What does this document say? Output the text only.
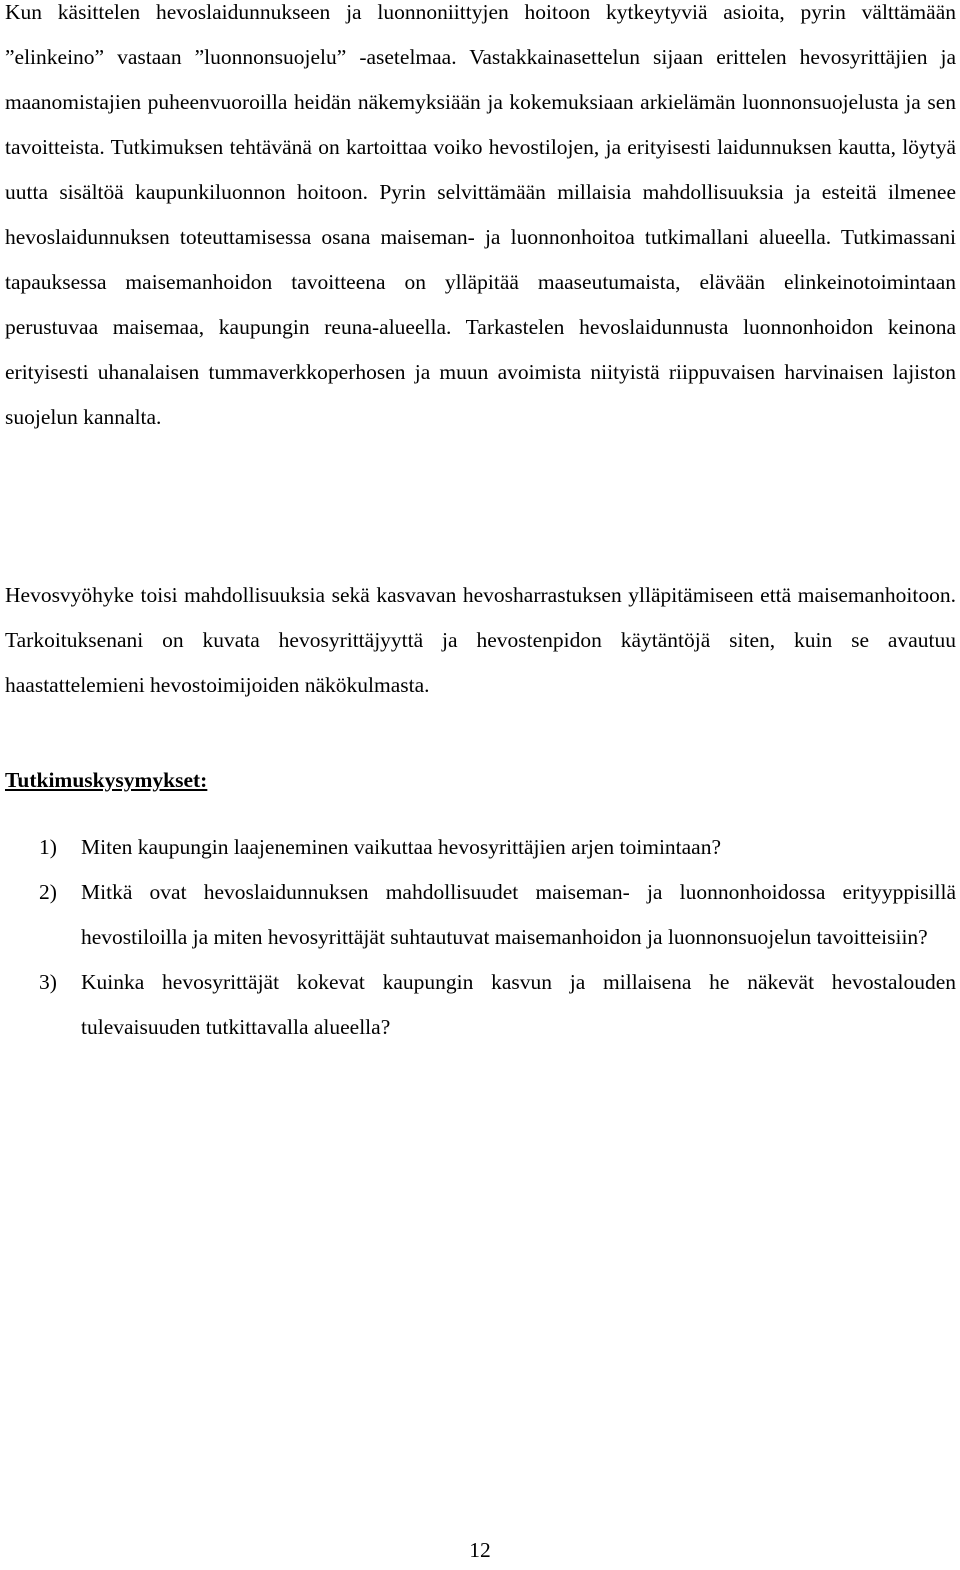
Kun käsittelen hevoslaidunnukseen ja luonnoniittyjen hoitoon kytkeytyviä asioita, pyrin välttämään ”elinkeino” vastaan ”luonnonsuojelu” -asetelmaa. Vastakkainasettelun sijaan erittelen hevosyrittäjien ja maanomistajien puheenvuoroilla heidän näkemyksiään ja kokemuksiaan arkielämän luonnonsuojelusta ja sen tavoitteista. Tutkimuksen tehtävänä on kartoittaa voiko hevostilojen, ja erityisesti laidunnuksen kautta, löytyä uutta sisältöä kaupunkiluonnon hoitoon. Pyrin selvittämään millaisia mahdollisuuksia ja esteitä ilmenee hevoslaidunnuksen toteuttamisessa osana maiseman- ja luonnonhoitoa tutkimallani alueella. Tutkimassani tapauksessa maisemanhoidon tavoitteena on ylläpitää maaseutumaista, elävään elinkeinotoimintaan perustuvaa maisemaa, kaupungin reuna-alueella. Tarkastelen hevoslaidunnusta luonnonhoidon keinona erityisesti uhanalaisen tummaverkkoperhosen ja muun avoimista niityistä riippuvaisen harvinaisen lajiston suojelun kannalta.

Hevosvyöhyke toisi mahdollisuuksia sekä kasvavan hevosharrastuksen ylläpitämiseen että maisemanhoitoon. Tarkoituksenani on kuvata hevosyrittäjyyttä ja hevostenpidon käytäntöjä siten, kuin se avautuu haastattelemieni hevostoimijoiden näkökulmasta.

Tutkimuskysymykset:
1) Miten kaupungin laajeneminen vaikuttaa hevosyrittäjien arjen toimintaan?
2) Mitkä ovat hevoslaidunnuksen mahdollisuudet maiseman- ja luonnonhoidossa erityyppisillä hevostiloilla ja miten hevosyrittäjät suhtautuvat maisemanhoidon ja luonnonsuojelun tavoitteisiin?
3) Kuinka hevosyrittäjät kokevat kaupungin kasvun ja millaisena he näkevät hevostalouden tulevaisuuden tutkittavalla alueella?
12
